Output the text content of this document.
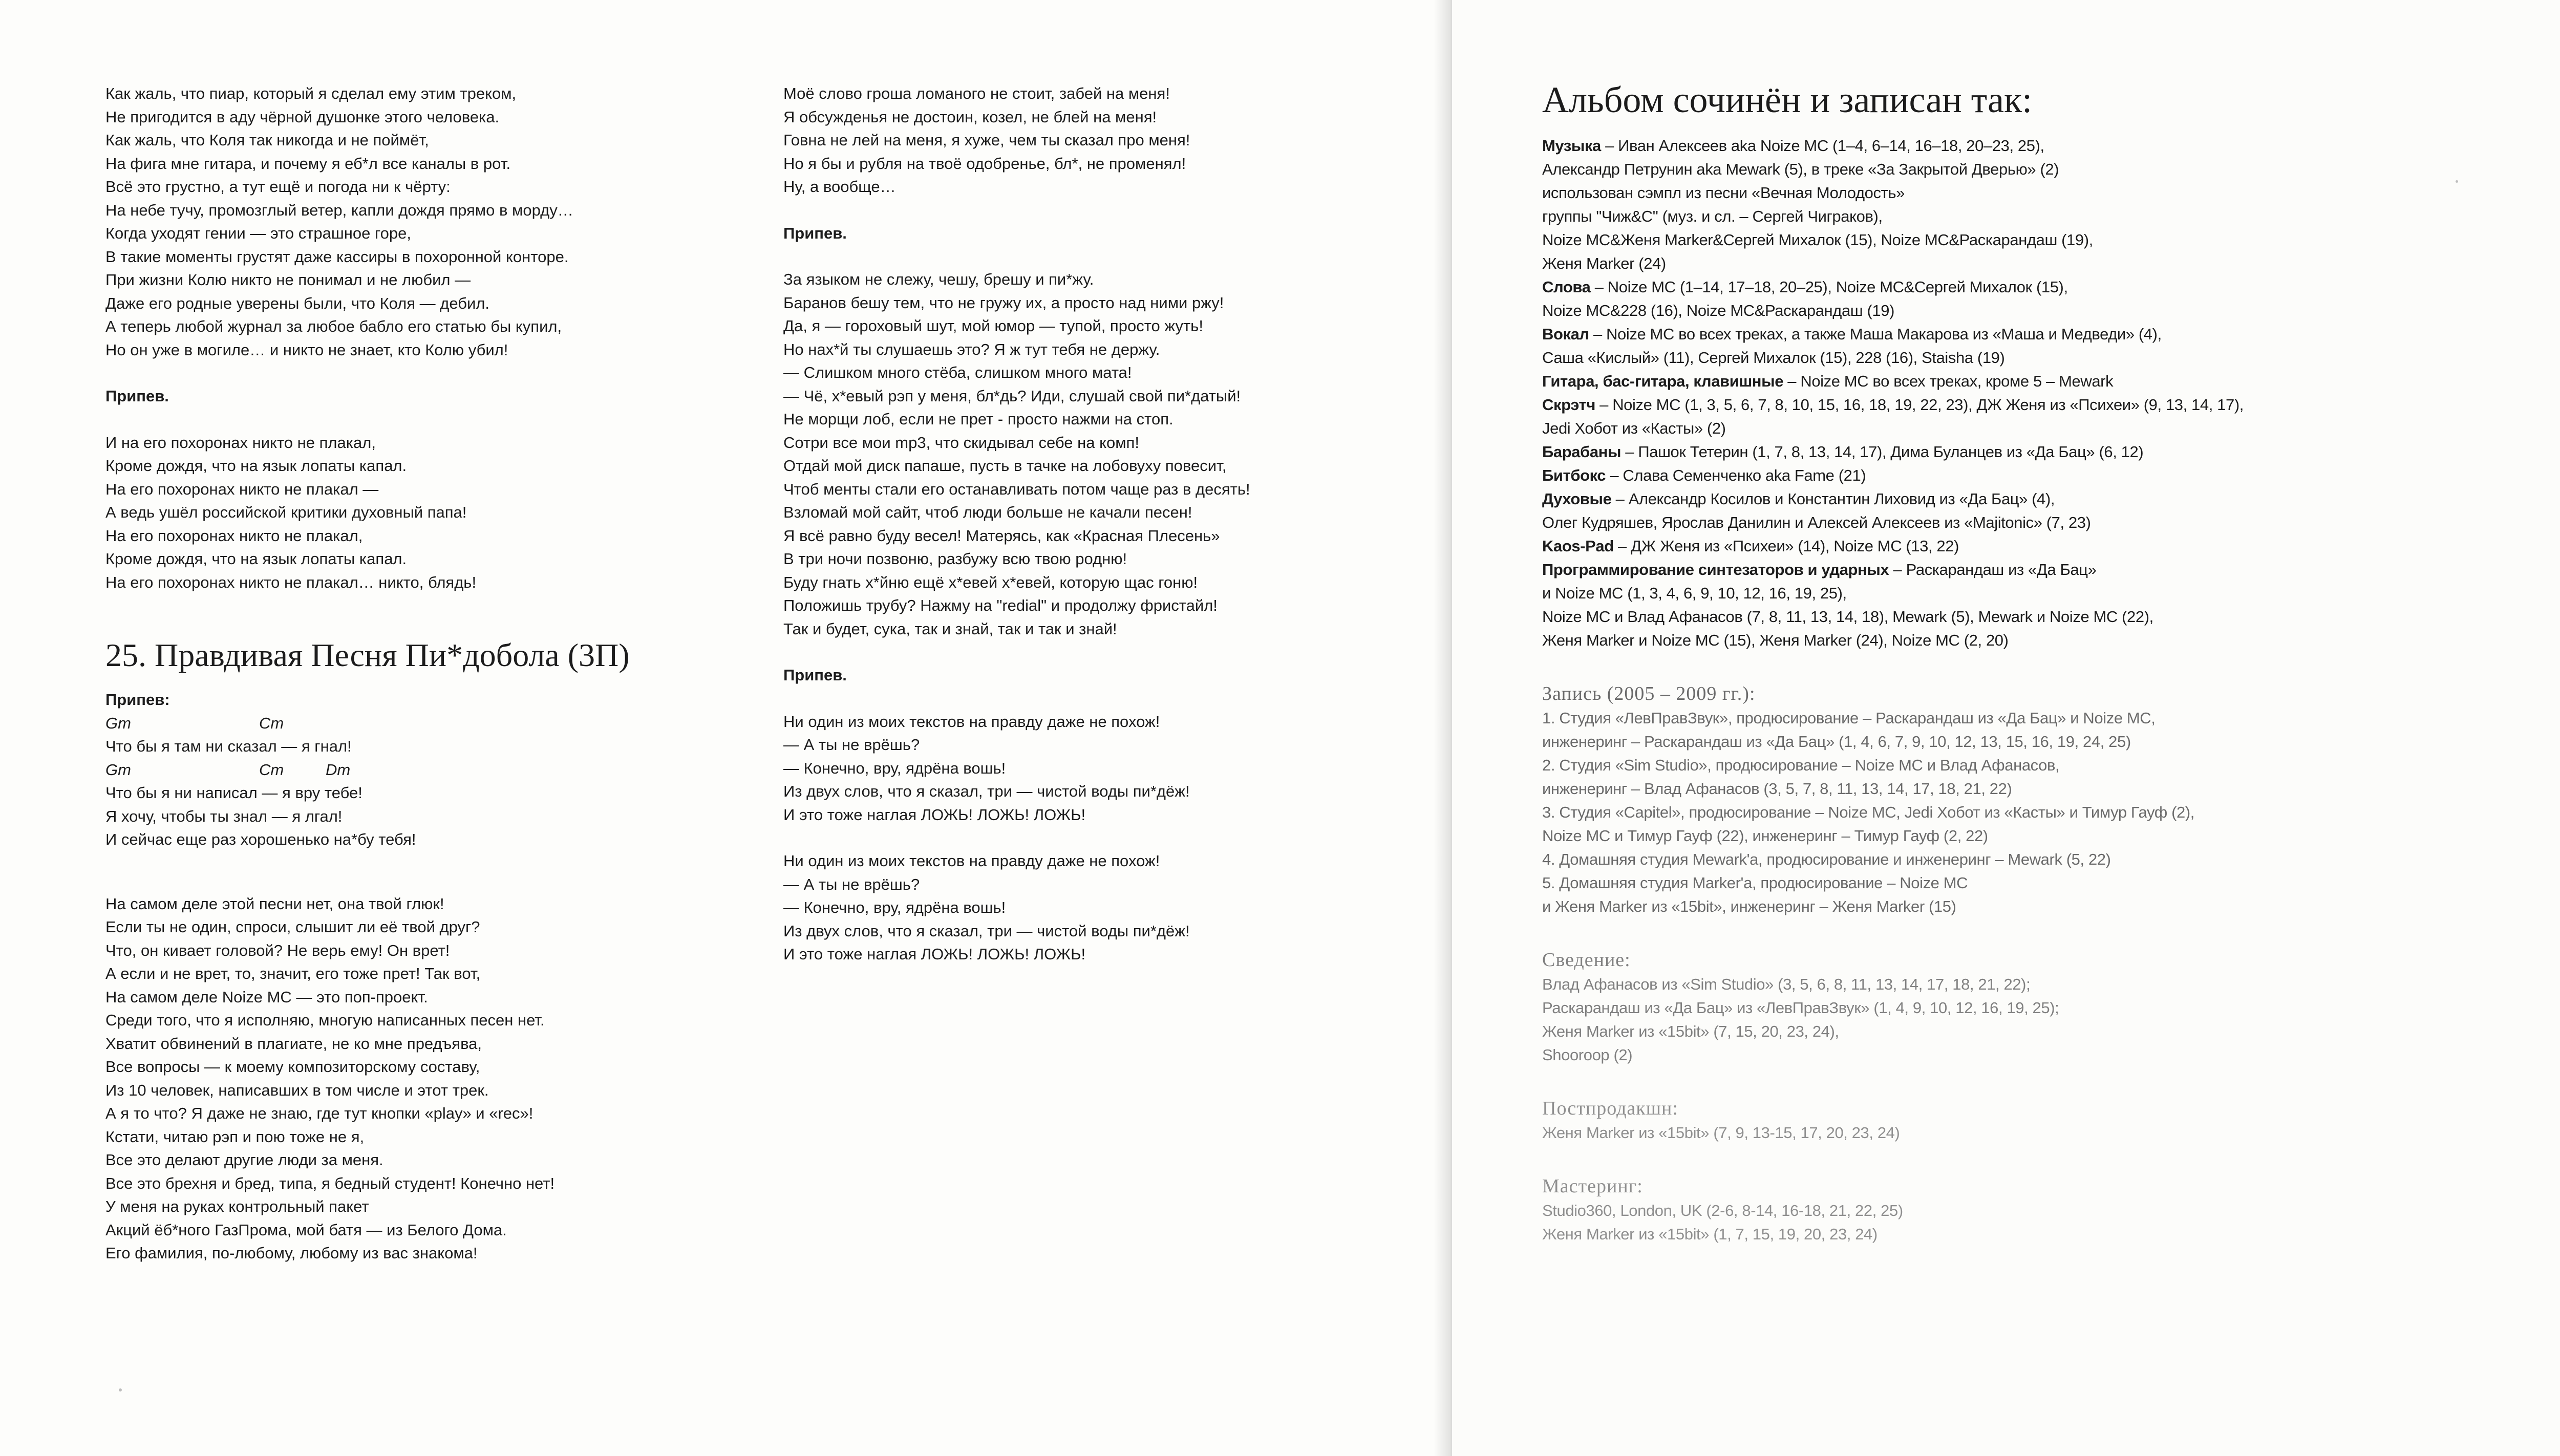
Как жаль, что пиар, который я сделал ему этим треком,

Не пригодится в аду чёрной душонке этого человека.

Как жаль, что Коля так никогда и не поймёт,

На фига мне гитара, и почему я еб*л все каналы в рот.

Всё это грустно, а тут ещё и погода ни к чёрту:

На небе тучу, промозглый ветер, капли дождя прямо в морду…

Когда уходят гении — это страшное горе,

В такие моменты грустят даже кассиры в похоронной конторе.

При жизни Колю никто не понимал и не любил —

Даже его родные уверены были, что Коля — дебил.

А теперь любой журнал за любое бабло его статью бы купил,

Но он уже в могиле… и никто не знает, кто Колю убил!

Припев.

И на его похоронах никто не плакал,

Кроме дождя, что на язык лопаты капал.

На его похоронах никто не плакал —

А ведь ушёл российской критики духовный папа!

На его похоронах никто не плакал,

Кроме дождя, что на язык лопаты капал.

На его похоронах никто не плакал… никто, блядь!

25. Правдивая Песня Пи*добола (3П)

Припев:

Gm	Cm

Что бы я там ни сказал — я гнал!

Gm	Cm	Dm

Что бы я ни написал — я вру тебе!

Я хочу, чтобы ты знал — я лгал!

И сейчас еще раз хорошенько на*бу тебя!

На самом деле этой песни нет, она твой глюк!

Если ты не один, спроси, слышит ли её твой друг?

Что, он кивает головой? Не верь ему! Он врет!

А если и не врет, то, значит, его тоже прет! Так вот,

На самом деле Noize MC — это поп-проект.

Среди того, что я исполняю, многую написанных песен нет.

Хватит обвинений в плагиате, не ко мне предъява,

Все вопросы — к моему композиторскому составу,

Из 10 человек, написавших в том числе и этот трек.

А я то что? Я даже не знаю, где тут кнопки «play» и «rec»!

Кстати, читаю рэп и пою тоже не я,

Все это делают другие люди за меня.

Все это брехня и бред, типа, я бедный студент! Конечно нет!

У меня на руках контрольный пакет

Акций ёб*ного ГазПрома, мой батя — из Белого Дома.

Его фамилия, по-любому, любому из вас знакома!

Моё слово гроша ломаного не стоит, забей на меня!

Я обсужденья не достоин, козел, не блей на меня!

Говна не лей на меня, я хуже, чем ты сказал про меня!

Но я бы и рубля на твоё одобренье, бл*, не променял!

Ну, а вообще…

Припев.

За языком не слежу, чешу, брешу и пи*жу.

Баранов бешу тем, что не гружу их, а просто над ними ржу!

Да, я — гороховый шут, мой юмор — тупой, просто жуть!

Но нах*й ты слушаешь это? Я ж тут тебя не держу.

— Слишком много стёба, слишком много мата!

— Чё, х*евый рэп у меня, бл*дь? Иди, слушай свой пи*датый!

Не морщи лоб, если не прет - просто нажми на стоп.

Сотри все мои mp3, что скидывал себе на комп!

Отдай мой диск папаше, пусть в тачке на лобовуху повесит,

Чтоб менты стали его останавливать потом чаще раз в десять!

Взломай мой сайт, чтоб люди больше не качали песен!

Я всё равно буду весел! Матерясь, как «Красная Плесень»

В три ночи позвоню, разбужу всю твою родню!

Буду гнать х*йню ещё х*евей х*евей, которую щас гоню!

Положишь трубу? Нажму на "redial" и продолжу фристайл!

Так и будет, сука, так и знай, так и так и знай!

Припев.

Ни один из моих текстов на правду даже не похож!

— А ты не врёшь?

— Конечно, вру, ядрёна вошь!

Из двух слов, что я сказал, три — чистой воды пи*дёж!

И это тоже наглая ЛОЖЬ! ЛОЖЬ! ЛОЖЬ!

Ни один из моих текстов на правду даже не похож!

— А ты не врёшь?

— Конечно, вру, ядрёна вошь!

Из двух слов, что я сказал, три — чистой воды пи*дёж!

И это тоже наглая ЛОЖЬ! ЛОЖЬ! ЛОЖЬ!

Альбом сочинён и записан так:

Музыка – Иван Алексеев aka Noize MC (1–4, 6–14, 16–18, 20–23, 25),

Александр Петрунин aka Mewark (5), в треке «За Закрытой Дверью» (2)

использован сэмпл из песни «Вечная Молодость»

группы "Чиж&C" (муз. и сл. – Сергей Чиграков),

Noize MC&Женя Marker&Сергей Михалок (15), Noize MC&Раскарандаш (19),

Женя Marker (24)

Слова – Noize MC (1–14, 17–18, 20–25), Noize MC&Сергей Михалок (15),

Noize MC&228 (16), Noize MC&Раскарандаш (19)

Вокал – Noize MC во всех треках, а также Маша Макарова из «Маша и Медведи» (4),

Саша «Кислый» (11), Сергей Михалок (15), 228 (16), Staisha (19)

Гитара, бас-гитара, клавишные – Noize MC во всех треках, кроме 5 – Mewark

Скрэтч – Noize MC (1, 3, 5, 6, 7, 8, 10, 15, 16, 18, 19, 22, 23), ДЖ Женя из «Психеи» (9, 13, 14, 17),

Jedi Хобот из «Касты» (2)

Барабаны – Пашок Тетерин (1, 7, 8, 13, 14, 17), Дима Буланцев из «Да Бац» (6, 12)

Битбокс – Слава Семенченко aka Fame (21)

Духовые – Александр Косилов и Константин Лиховид из «Да Бац» (4),

Олег Кудряшев, Ярослав Данилин и Алексей Алексеев из «Majitonic» (7, 23)

Kaos-Pad – ДЖ Женя из «Психеи» (14), Noize MC (13, 22)

Программирование синтезаторов и ударных – Раскарандаш из «Да Бац»

и Noize MC (1, 3, 4, 6, 9, 10, 12, 16, 19, 25),

Noize MC и Влад Афанасов (7, 8, 11, 13, 14, 18), Mewark (5), Mewark и Noize MC (22),

Женя Marker и Noize MC (15), Женя Marker (24), Noize MC (2, 20)

Запись (2005 – 2009 гг.):

1. Студия «ЛевПравЗвук», продюсирование – Раскарандаш из «Да Бац» и Noize MC,

инженеринг – Раскарандаш из «Да Бац» (1, 4, 6, 7, 9, 10, 12, 13, 15, 16, 19, 24, 25)

2. Студия «Sim Studio», продюсирование – Noize MC и Влад Афанасов,

инженеринг – Влад Афанасов (3, 5, 7, 8, 11, 13, 14, 17, 18, 21, 22)

3. Студия «Capitel», продюсирование – Noize MC, Jedi Хобот из «Касты» и Тимур Гауф (2),

Noize MC и Тимур Гауф (22), инженеринг – Тимур Гауф (2, 22)

4. Домашняя студия Mewark'а, продюсирование и инженеринг – Mewark (5, 22)

5. Домашняя студия Marker'а, продюсирование – Noize MC

и Женя Marker из «15bit», инженеринг – Женя Marker (15)

Сведение:

Влад Афанасов из «Sim Studio» (3, 5, 6, 8, 11, 13, 14, 17, 18, 21, 22);

Раскарандаш из «Да Бац» из «ЛевПравЗвук» (1, 4, 9, 10, 12, 16, 19, 25);

Женя Marker из «15bit» (7, 15, 20, 23, 24),

Shooroop (2)

Постпродакшн:

Женя Marker из «15bit» (7, 9, 13-15, 17, 20, 23, 24)

Мастеринг:

Studio360, London, UK (2-6, 8-14, 16-18, 21, 22, 25)

Женя Marker из «15bit» (1, 7, 15, 19, 20, 23, 24)
